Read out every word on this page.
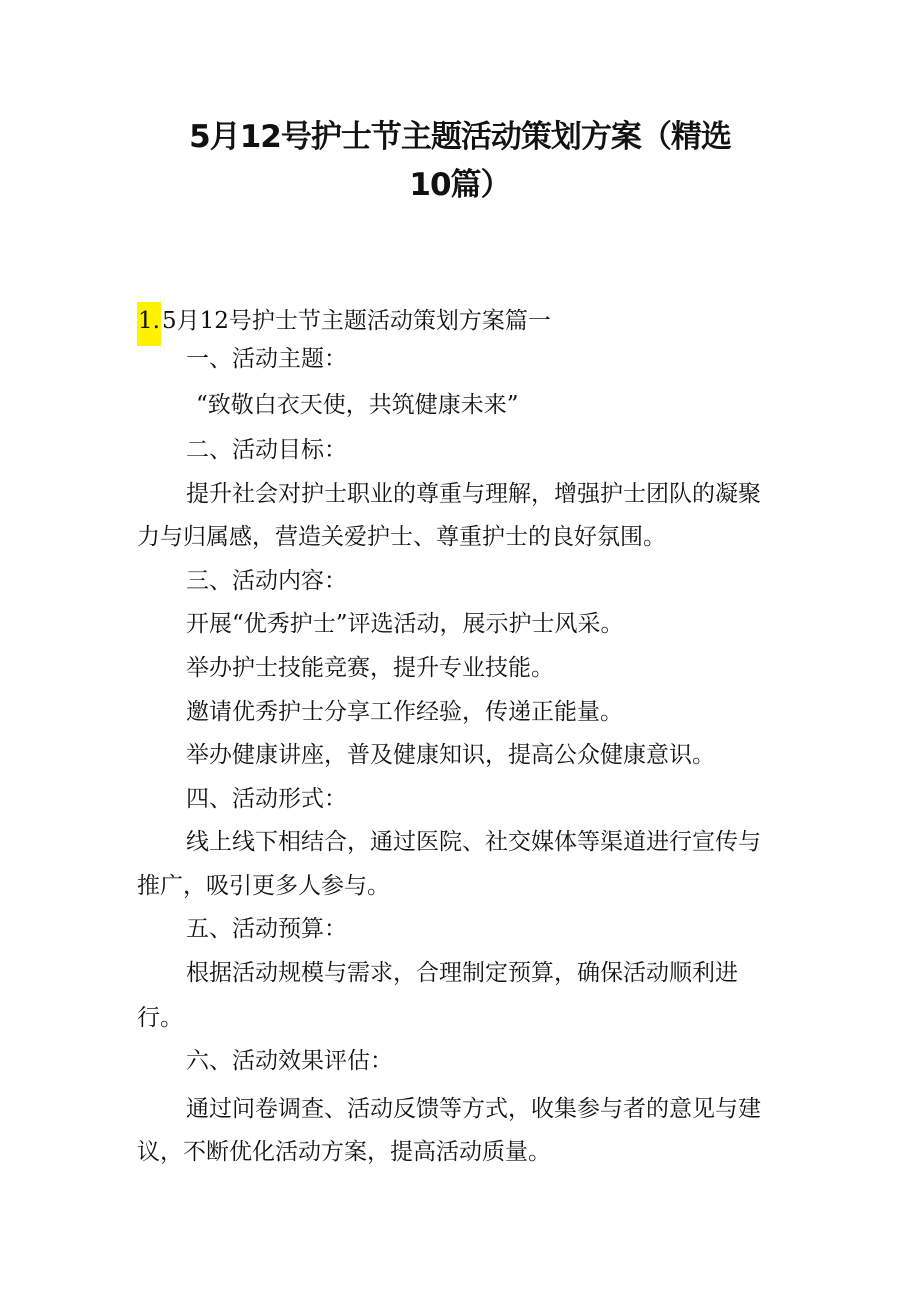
5月12号护士节主题活动策划方案（精选
10篇）
1.5月12号护士节主题活动策划方案篇一

一、活动主题：

“致敬白衣天使，共筑健康未来”

二、活动目标：

提升社会对护士职业的尊重与理解，增强护士团队的凝聚

力与归属感，营造关爱护士、尊重护士的良好氛围。

三、活动内容：

开展“优秀护士”评选活动，展示护士风采。

举办护士技能竞赛，提升专业技能。

邀请优秀护士分享工作经验，传递正能量。

举办健康讲座，普及健康知识，提高公众健康意识。

四、活动形式：

线上线下相结合，通过医院、社交媒体等渠道进行宣传与

推广，吸引更多人参与。

五、活动预算：

根据活动规模与需求，合理制定预算，确保活动顺利进

行。

六、活动效果评估：

通过问卷调查、活动反馈等方式，收集参与者的意见与建

议，不断优化活动方案，提高活动质量。
